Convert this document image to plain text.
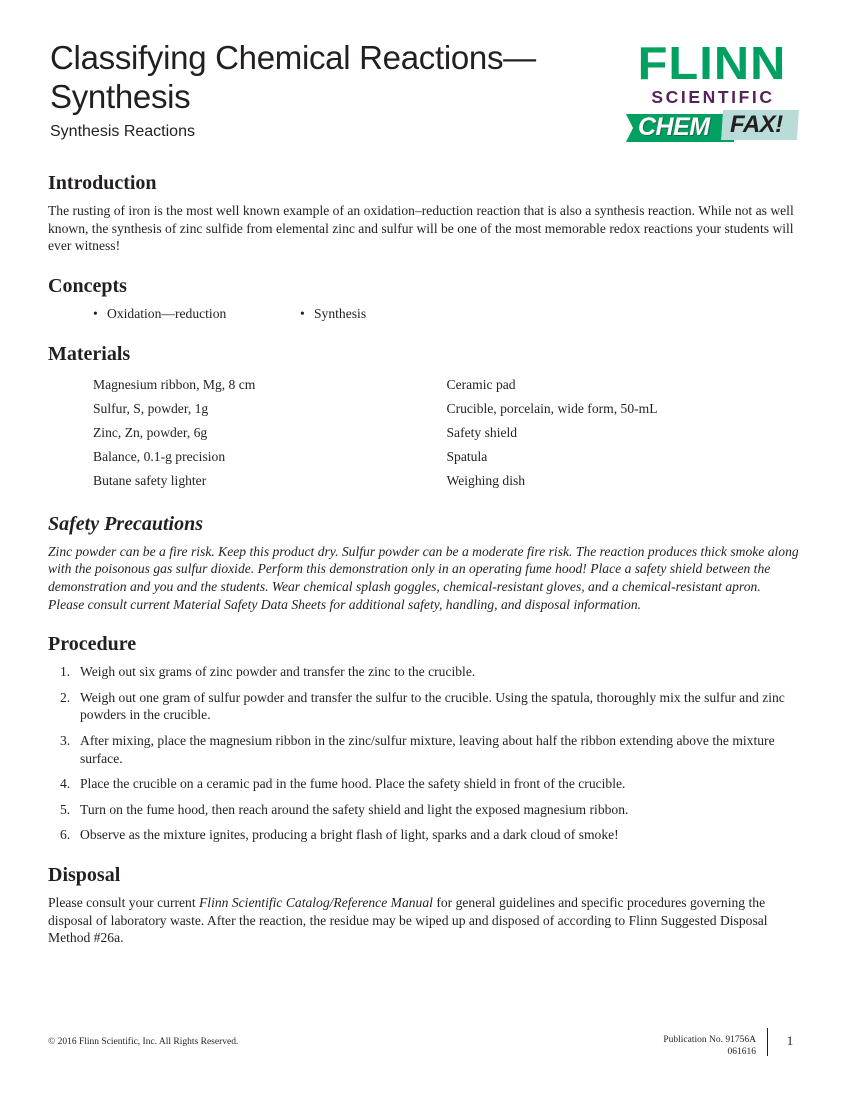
Classifying Chemical Reactions—Synthesis

Synthesis Reactions

FLINN
SCIENTIFIC
CHEM FAX!
Introduction

The rusting of iron is the most well known example of an oxidation–reduction reaction that is also a synthesis reaction. While not as well known, the synthesis of zinc sulfide from elemental zinc and sulfur will be one of the most memorable redox reactions your students will ever witness!

Concepts
• Oxidation—reduction	• Synthesis
Materials
Magnesium ribbon, Mg, 8 cm
Sulfur, S, powder, 1g
Zinc, Zn, powder, 6g
Balance, 0.1-g precision
Butane safety lighter
Ceramic pad
Crucible, porcelain, wide form, 50-mL
Safety shield
Spatula
Weighing dish
Safety Precautions

Zinc powder can be a fire risk. Keep this product dry. Sulfur powder can be a moderate fire risk. The reaction produces thick smoke along with the poisonous gas sulfur dioxide. Perform this demonstration only in an operating fume hood! Place a safety shield between the demonstration and you and the students. Wear chemical splash goggles, chemical-resistant gloves, and a chemical-resistant apron. Please consult current Material Safety Data Sheets for additional safety, handling, and disposal information.

Procedure
Weigh out six grams of zinc powder and transfer the zinc to the crucible.
Weigh out one gram of sulfur powder and transfer the sulfur to the crucible. Using the spatula, thoroughly mix the sulfur and zinc powders in the crucible.
After mixing, place the magnesium ribbon in the zinc/sulfur mixture, leaving about half the ribbon extending above the mixture surface.
Place the crucible on a ceramic pad in the fume hood. Place the safety shield in front of the crucible.
Turn on the fume hood, then reach around the safety shield and light the exposed magnesium ribbon.
Observe as the mixture ignites, producing a bright flash of light, sparks and a dark cloud of smoke!
Disposal

Please consult your current Flinn Scientific Catalog/Reference Manual for general guidelines and specific procedures governing the disposal of laboratory waste. After the reaction, the residue may be wiped up and disposed of according to Flinn Suggested Disposal Method #26a.

© 2016 Flinn Scientific, Inc. All Rights Reserved.	Publication No. 91756A
061616
1
